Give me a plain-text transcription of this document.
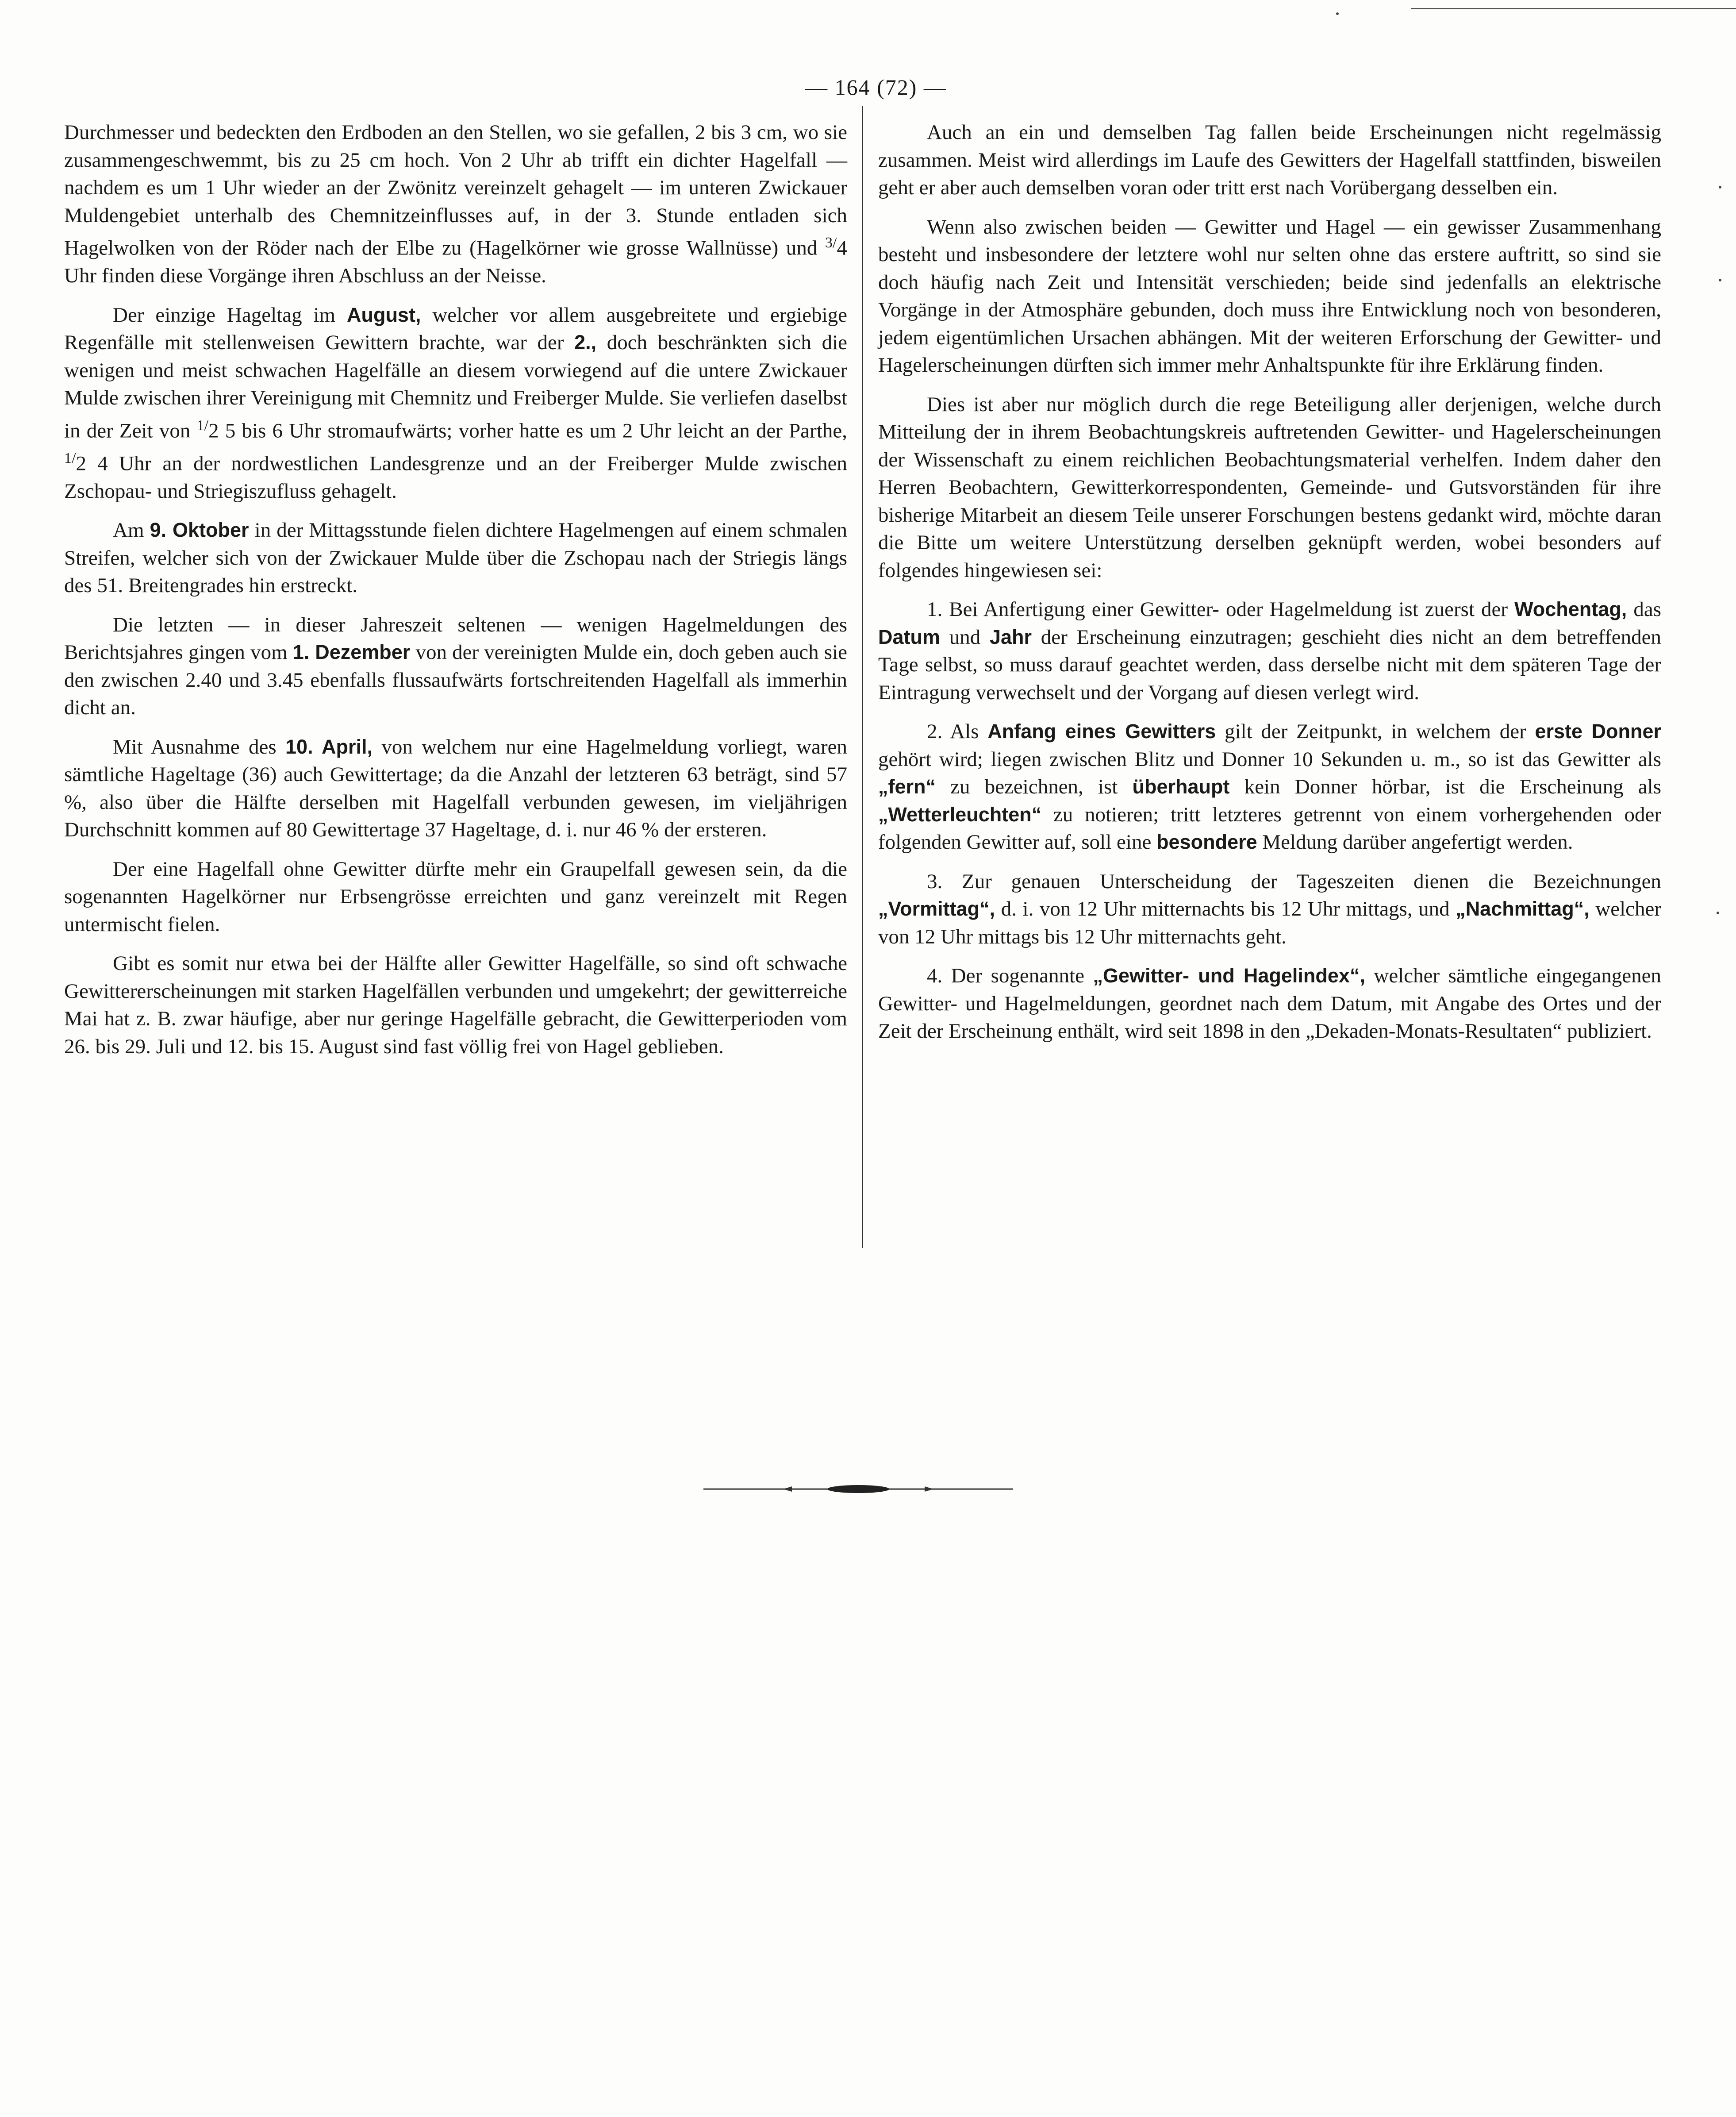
— 164 (72) —

Durchmesser und bedeckten den Erdboden an den Stellen, wo sie gefallen, 2 bis 3 cm, wo sie zusammengeschwemmt, bis zu 25 cm hoch. Von 2 Uhr ab trifft ein dichter Hagelfall — nachdem es um 1 Uhr wieder an der Zwönitz vereinzelt gehagelt — im unteren Zwickauer Muldengebiet unterhalb des Chemnitzeinflusses auf, in der 3. Stunde entladen sich Hagelwolken von der Röder nach der Elbe zu (Hagelkörner wie grosse Wallnüsse) und $^{3/}$4 Uhr finden diese Vorgänge ihren Abschluss an der Neisse.

Der einzige Hageltag im August, welcher vor allem ausgebreitete und ergiebige Regenfälle mit stellenweisen Gewittern brachte, war der 2., doch beschränkten sich die wenigen und meist schwachen Hagelfälle an diesem vorwiegend auf die untere Zwickauer Mulde zwischen ihrer Vereinigung mit Chemnitz und Freiberger Mulde. Sie verliefen daselbst in der Zeit von $^{1/}$2 5 bis 6 Uhr stromaufwärts; vorher hatte es um 2 Uhr leicht an der Parthe, $^{1/}$2 4 Uhr an der nordwestlichen Landesgrenze und an der Freiberger Mulde zwischen Zschopau- und Striegiszufluss gehagelt.

Am 9. Oktober in der Mittagsstunde fielen dichtere Hagelmengen auf einem schmalen Streifen, welcher sich von der Zwickauer Mulde über die Zschopau nach der Striegis längs des 51. Breitengrades hin erstreckt.

Die letzten — in dieser Jahreszeit seltenen — wenigen Hagelmeldungen des Berichtsjahres gingen vom 1. Dezember von der vereinigten Mulde ein, doch geben auch sie den zwischen 2.40 und 3.45 ebenfalls flussaufwärts fortschreitenden Hagelfall als immerhin dicht an.

Mit Ausnahme des 10. April, von welchem nur eine Hagelmeldung vorliegt, waren sämtliche Hageltage (36) auch Gewittertage; da die Anzahl der letzteren 63 beträgt, sind 57 %, also über die Hälfte derselben mit Hagelfall verbunden gewesen, im vieljährigen Durchschnitt kommen auf 80 Gewittertage 37 Hageltage, d. i. nur 46 % der ersteren.

Der eine Hagelfall ohne Gewitter dürfte mehr ein Graupelfall gewesen sein, da die sogenannten Hagelkörner nur Erbsengrösse erreichten und ganz vereinzelt mit Regen untermischt fielen.

Gibt es somit nur etwa bei der Hälfte aller Gewitter Hagelfälle, so sind oft schwache Gewittererscheinungen mit starken Hagelfällen verbunden und umgekehrt; der gewitterreiche Mai hat z. B. zwar häufige, aber nur geringe Hagelfälle gebracht, die Gewitterperioden vom 26. bis 29. Juli und 12. bis 15. August sind fast völlig frei von Hagel geblieben.

Auch an ein und demselben Tag fallen beide Erscheinungen nicht regelmässig zusammen. Meist wird allerdings im Laufe des Gewitters der Hagelfall stattfinden, bisweilen geht er aber auch demselben voran oder tritt erst nach Vorübergang desselben ein.

Wenn also zwischen beiden — Gewitter und Hagel — ein gewisser Zusammenhang besteht und insbesondere der letztere wohl nur selten ohne das erstere auftritt, so sind sie doch häufig nach Zeit und Intensität verschieden; beide sind jedenfalls an elektrische Vorgänge in der Atmosphäre gebunden, doch muss ihre Entwicklung noch von besonderen, jedem eigentümlichen Ursachen abhängen. Mit der weiteren Erforschung der Gewitter- und Hagelerscheinungen dürften sich immer mehr Anhaltspunkte für ihre Erklärung finden.

Dies ist aber nur möglich durch die rege Beteiligung aller derjenigen, welche durch Mitteilung der in ihrem Beobachtungskreis auftretenden Gewitter- und Hagelerscheinungen der Wissenschaft zu einem reichlichen Beobachtungsmaterial verhelfen. Indem daher den Herren Beobachtern, Gewitterkorrespondenten, Gemeinde- und Gutsvorständen für ihre bisherige Mitarbeit an diesem Teile unserer Forschungen bestens gedankt wird, möchte daran die Bitte um weitere Unterstützung derselben geknüpft werden, wobei besonders auf folgendes hingewiesen sei:

1. Bei Anfertigung einer Gewitter- oder Hagelmeldung ist zuerst der Wochentag, das Datum und Jahr der Erscheinung einzutragen; geschieht dies nicht an dem betreffenden Tage selbst, so muss darauf geachtet werden, dass derselbe nicht mit dem späteren Tage der Eintragung verwechselt und der Vorgang auf diesen verlegt wird.

2. Als Anfang eines Gewitters gilt der Zeitpunkt, in welchem der erste Donner gehört wird; liegen zwischen Blitz und Donner 10 Sekunden u. m., so ist das Gewitter als „fern“ zu bezeichnen, ist überhaupt kein Donner hörbar, ist die Erscheinung als „Wetterleuchten“ zu notieren; tritt letzteres getrennt von einem vorhergehenden oder folgenden Gewitter auf, soll eine besondere Meldung darüber angefertigt werden.

3. Zur genauen Unterscheidung der Tageszeiten dienen die Bezeichnungen „Vormittag“, d. i. von 12 Uhr mitternachts bis 12 Uhr mittags, und „Nachmittag“, welcher von 12 Uhr mittags bis 12 Uhr mitternachts geht.

4. Der sogenannte „Gewitter- und Hagelindex“, welcher sämtliche eingegangenen Gewitter- und Hagelmeldungen, geordnet nach dem Datum, mit Angabe des Ortes und der Zeit der Erscheinung enthält, wird seit 1898 in den „Dekaden-Monats-Resultaten“ publiziert.
